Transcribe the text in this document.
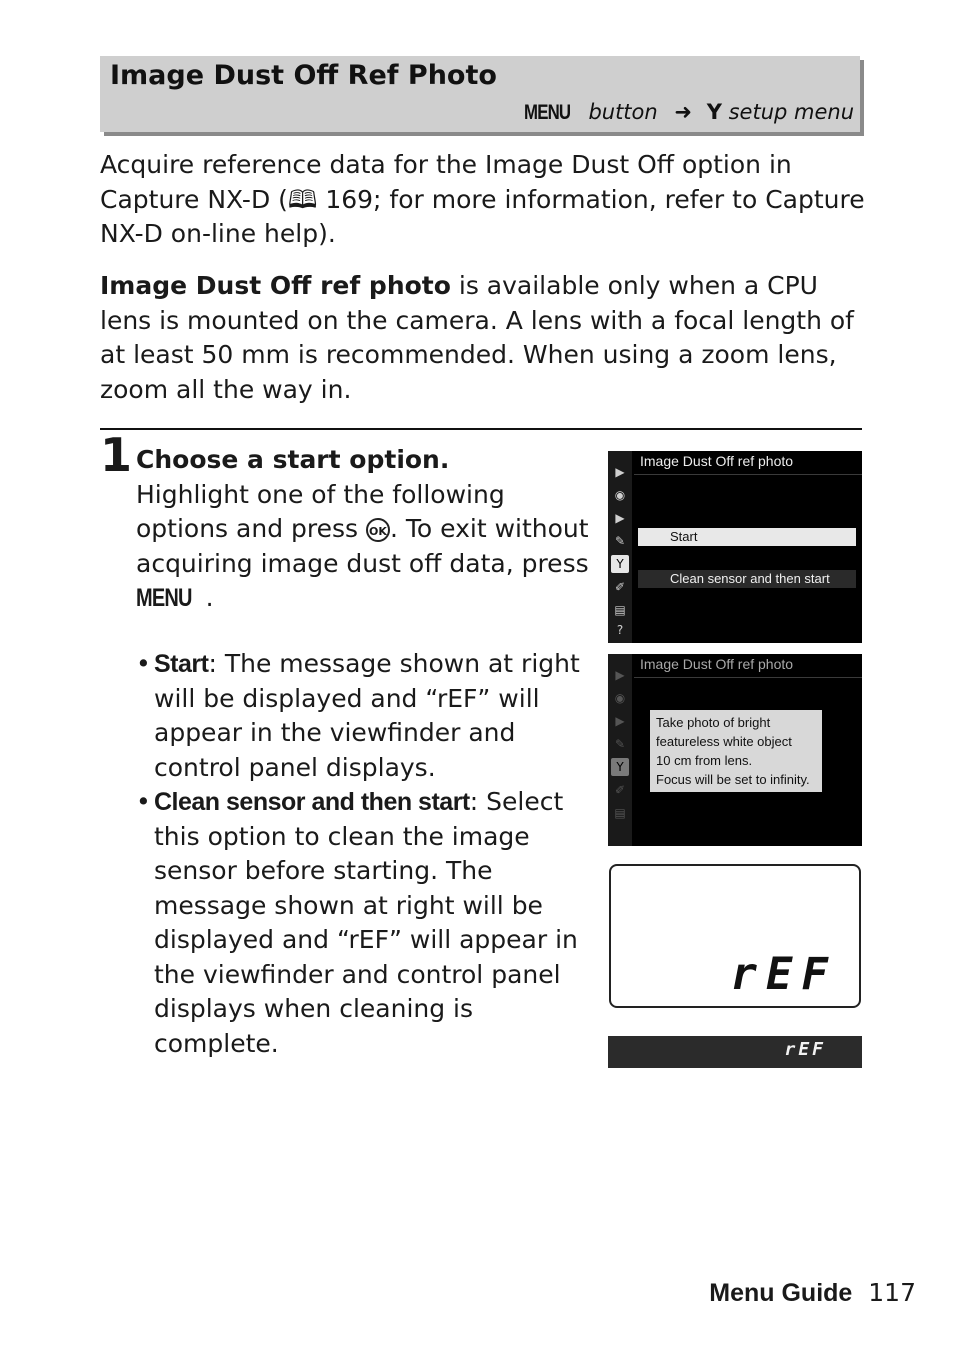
Image Dust Off Ref Photo
MENU button ➜ Y setup menu

Acquire reference data for the Image Dust Off option in Capture NX-D (🕮 169; for more information, refer to Capture NX-D on-line help).

Image Dust Off ref photo is available only when a CPU lens is mounted on the camera. A lens with a focal length of at least 50 mm is recommended. When using a zoom lens, zoom all the way in.

1 Choose a start option.

Highlight one of the following options and press OK . To exit without acquiring image dust off data, press MENU .

• Start: The message shown at right will be displayed and “rEF” will appear in the viewfinder and control panel displays.
• Clean sensor and then start: Select this option to clean the image sensor before starting. The message shown at right will be displayed and “rEF” will appear in the viewfinder and control panel displays when cleaning is complete.
▶
◉
▶
✎
Y
✐
▤
?
Image Dust Off ref photo
Start
Clean sensor and then start
▶
◉
▶
✎
Y
✐
▤
Image Dust Off ref photo
Take photo of bright
featureless white object
10 cm from lens.
Focus will be set to infinity.
rEF
rEF
Menu Guide 117
